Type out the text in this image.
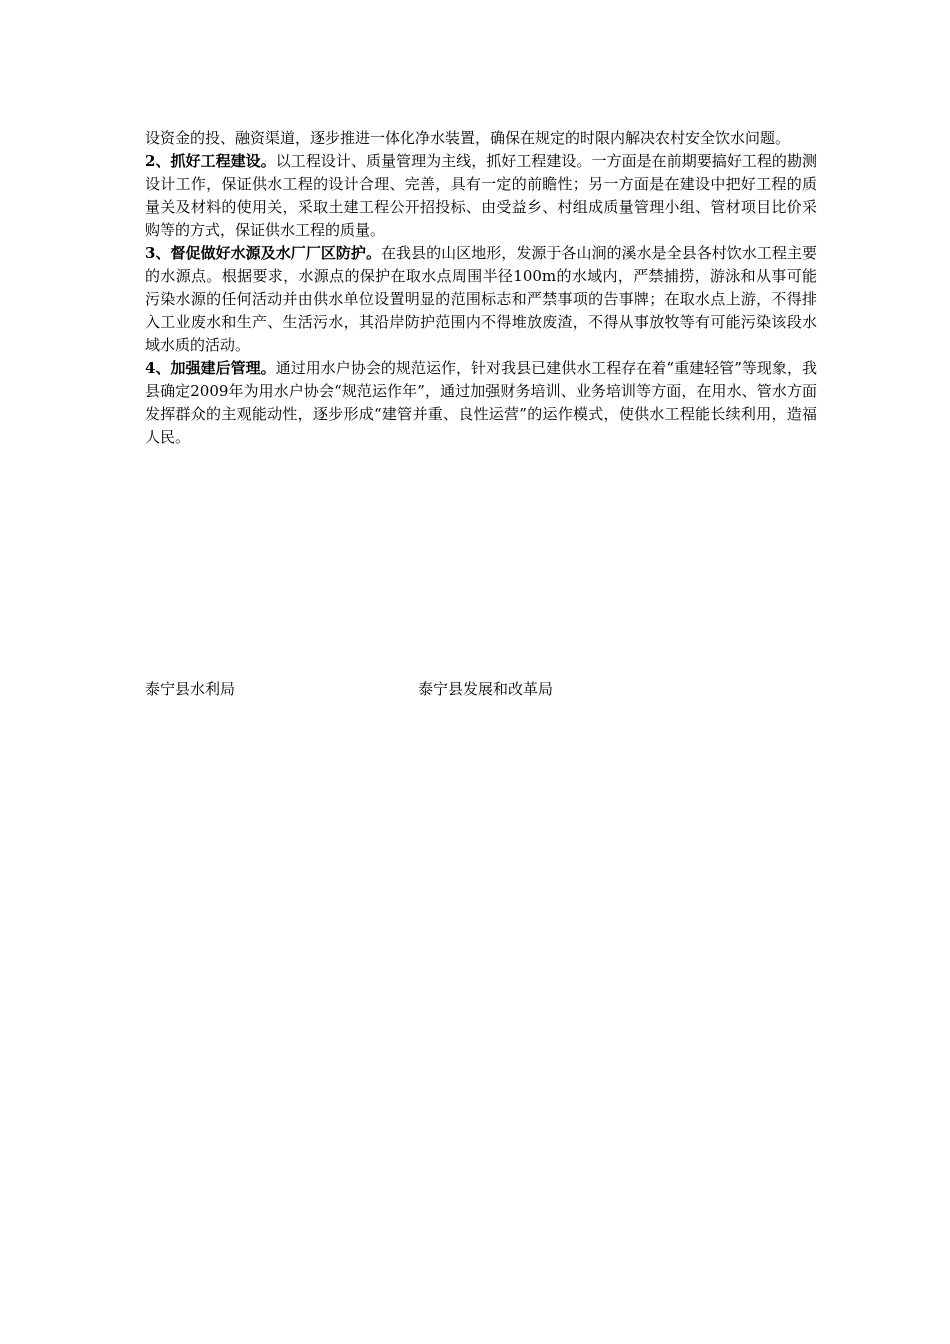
设资金的投、融资渠道，逐步推进一体化净水装置，确保在规定的时限内解决农村安全饮水问题。

2、抓好工程建设。以工程设计、质量管理为主线，抓好工程建设。一方面是在前期要搞好工程的勘测设计工作，保证供水工程的设计合理、完善，具有一定的前瞻性；另一方面是在建设中把好工程的质量关及材料的使用关，采取土建工程公开招投标、由受益乡、村组成质量管理小组、管材项目比价采购等的方式，保证供水工程的质量。

3、督促做好水源及水厂厂区防护。在我县的山区地形，发源于各山涧的溪水是全县各村饮水工程主要的水源点。根据要求，水源点的保护在取水点周围半径100m的水域内，严禁捕捞，游泳和从事可能污染水源的任何活动并由供水单位设置明显的范围标志和严禁事项的告事牌；在取水点上游，不得排入工业废水和生产、生活污水，其沿岸防护范围内不得堆放废渣，不得从事放牧等有可能污染该段水域水质的活动。

4、加强建后管理。通过用水户协会的规范运作，针对我县已建供水工程存在着“重建轻管”等现象，我县确定2009年为用水户协会“规范运作年”，通过加强财务培训、业务培训等方面，在用水、管水方面发挥群众的主观能动性，逐步形成“建管并重、良性运营”的运作模式，使供水工程能长续利用，造福人民。

泰宁县水利局	泰宁县发展和改革局
